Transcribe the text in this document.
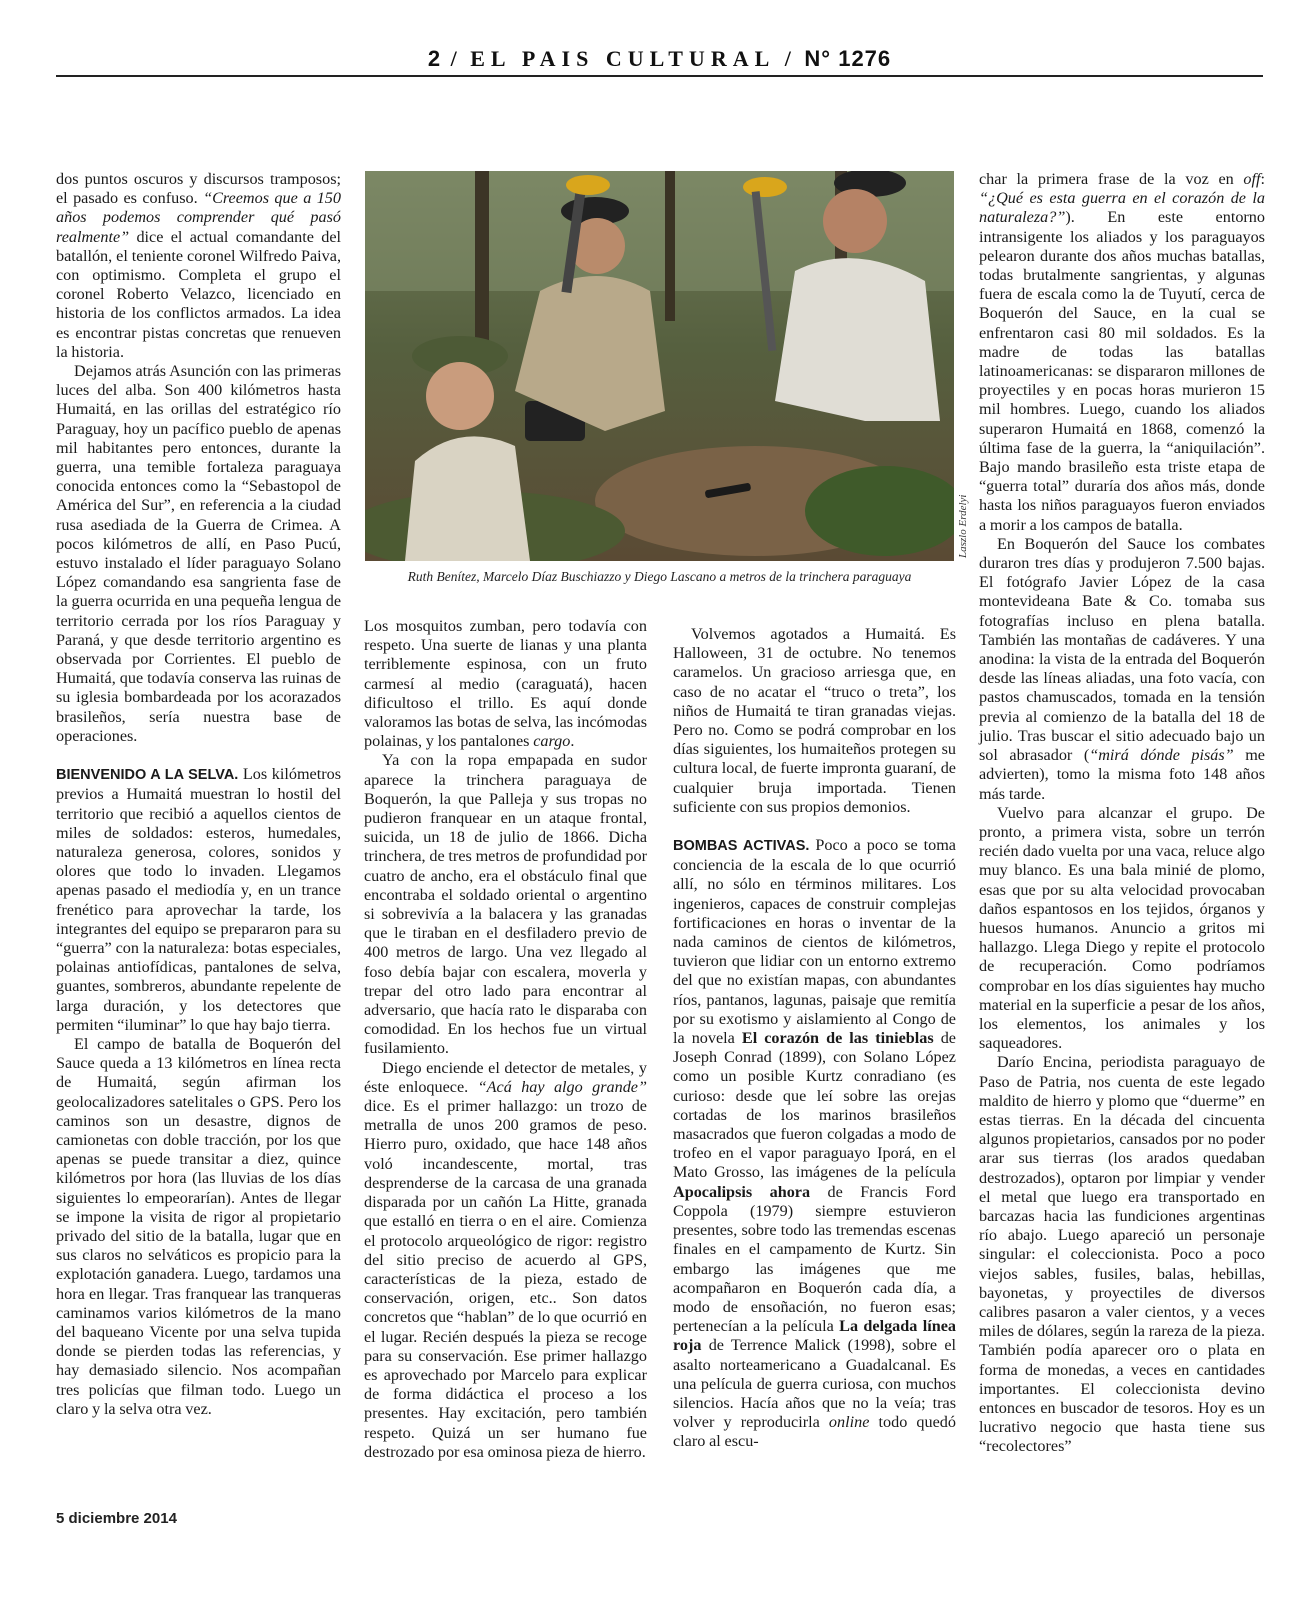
2 / EL PAIS CULTURAL / N° 1276

dos puntos oscuros y discursos tramposos; el pasado es confuso. “Creemos que a 150 años podemos comprender qué pasó realmente” dice el actual comandante del batallón, el teniente coronel Wilfredo Paiva, con optimismo. Completa el grupo el coronel Roberto Velazco, licenciado en historia de los conflictos armados. La idea es encontrar pistas concretas que renueven la historia.

Dejamos atrás Asunción con las primeras luces del alba. Son 400 kilómetros hasta Humaitá, en las orillas del estratégico río Paraguay, hoy un pacífico pueblo de apenas mil habitantes pero entonces, durante la guerra, una temible fortaleza paraguaya conocida entonces como la “Sebastopol de América del Sur”, en referencia a la ciudad rusa asediada de la Guerra de Crimea. A pocos kilómetros de allí, en Paso Pucú, estuvo instalado el líder paraguayo Solano López comandando esa sangrienta fase de la guerra ocurrida en una pequeña lengua de territorio cerrada por los ríos Paraguay y Paraná, y que desde territorio argentino es observada por Corrientes. El pueblo de Humaitá, que todavía conserva las ruinas de su iglesia bombardeada por los acorazados brasileños, sería nuestra base de operaciones.

BIENVENIDO A LA SELVA. Los kilómetros previos a Humaitá muestran lo hostil del territorio que recibió a aquellos cientos de miles de soldados: esteros, humedales, naturaleza generosa, colores, sonidos y olores que todo lo invaden. Llegamos apenas pasado el mediodía y, en un trance frenético para aprovechar la tarde, los integrantes del equipo se prepararon para su “guerra” con la naturaleza: botas especiales, polainas antiofídicas, pantalones de selva, guantes, sombreros, abundante repelente de larga duración, y los detectores que permiten “iluminar” lo que hay bajo tierra.

El campo de batalla de Boquerón del Sauce queda a 13 kilómetros en línea recta de Humaitá, según afirman los geolocalizadores satelitales o GPS. Pero los caminos son un desastre, dignos de camionetas con doble tracción, por los que apenas se puede transitar a diez, quince kilómetros por hora (las lluvias de los días siguientes lo empeorarían). Antes de llegar se impone la visita de rigor al propietario privado del sitio de la batalla, lugar que en sus claros no selváticos es propicio para la explotación ganadera. Luego, tardamos una hora en llegar. Tras franquear las tranqueras caminamos varios kilómetros de la mano del baqueano Vicente por una selva tupida donde se pierden todas las referencias, y hay demasiado silencio. Nos acompañan tres policías que filman todo. Luego un claro y la selva otra vez.

Laszlo Erdelyi
Ruth Benítez, Marcelo Díaz Buschiazzo y Diego Lascano a metros de la trinchera paraguaya

Los mosquitos zumban, pero todavía con respeto. Una suerte de lianas y una planta terriblemente espinosa, con un fruto carmesí al medio (caraguatá), hacen dificultoso el trillo. Es aquí donde valoramos las botas de selva, las incómodas polainas, y los pantalones cargo.

Ya con la ropa empapada en sudor aparece la trinchera paraguaya de Boquerón, la que Palleja y sus tropas no pudieron franquear en un ataque frontal, suicida, un 18 de julio de 1866. Dicha trinchera, de tres metros de profundidad por cuatro de ancho, era el obstáculo final que encontraba el soldado oriental o argentino si sobrevivía a la balacera y las granadas que le tiraban en el desfiladero previo de 400 metros de largo. Una vez llegado al foso debía bajar con escalera, moverla y trepar del otro lado para encontrar al adversario, que hacía rato le disparaba con comodidad. En los hechos fue un virtual fusilamiento.

Diego enciende el detector de metales, y éste enloquece. “Acá hay algo grande” dice. Es el primer hallazgo: un trozo de metralla de unos 200 gramos de peso. Hierro puro, oxidado, que hace 148 años voló incandescente, mortal, tras desprenderse de la carcasa de una granada disparada por un cañón La Hitte, granada que estalló en tierra o en el aire. Comienza el protocolo arqueológico de rigor: registro del sitio preciso de acuerdo al GPS, características de la pieza, estado de conservación, origen, etc.. Son datos concretos que “hablan” de lo que ocurrió en el lugar. Recién después la pieza se recoge para su conservación. Ese primer hallazgo es aprovechado por Marcelo para explicar de forma didáctica el proceso a los presentes. Hay excitación, pero también respeto. Quizá un ser humano fue destrozado por esa ominosa pieza de hierro.

Volvemos agotados a Humaitá. Es Halloween, 31 de octubre. No tenemos caramelos. Un gracioso arriesga que, en caso de no acatar el “truco o treta”, los niños de Humaitá te tiran granadas viejas. Pero no. Como se podrá comprobar en los días siguientes, los humaiteños protegen su cultura local, de fuerte impronta guaraní, de cualquier bruja importada. Tienen suficiente con sus propios demonios.

BOMBAS ACTIVAS. Poco a poco se toma conciencia de la escala de lo que ocurrió allí, no sólo en términos militares. Los ingenieros, capaces de construir complejas fortificaciones en horas o inventar de la nada caminos de cientos de kilómetros, tuvieron que lidiar con un entorno extremo del que no existían mapas, con abundantes ríos, pantanos, lagunas, paisaje que remitía por su exotismo y aislamiento al Congo de la novela El corazón de las tinieblas de Joseph Conrad (1899), con Solano López como un posible Kurtz conradiano (es curioso: desde que leí sobre las orejas cortadas de los marinos brasileños masacrados que fueron colgadas a modo de trofeo en el vapor paraguayo Iporá, en el Mato Grosso, las imágenes de la película Apocalipsis ahora de Francis Ford Coppola (1979) siempre estuvieron presentes, sobre todo las tremendas escenas finales en el campamento de Kurtz. Sin embargo las imágenes que me acompañaron en Boquerón cada día, a modo de ensoñación, no fueron esas; pertenecían a la película La delgada línea roja de Terrence Malick (1998), sobre el asalto norteamericano a Guadalcanal. Es una película de guerra curiosa, con muchos silencios. Hacía años que no la veía; tras volver y reproducirla online todo quedó claro al escu-

char la primera frase de la voz en off: “¿Qué es esta guerra en el corazón de la naturaleza?”). En este entorno intransigente los aliados y los paraguayos pelearon durante dos años muchas batallas, todas brutalmente sangrientas, y algunas fuera de escala como la de Tuyutí, cerca de Boquerón del Sauce, en la cual se enfrentaron casi 80 mil soldados. Es la madre de todas las batallas latinoamericanas: se dispararon millones de proyectiles y en pocas horas murieron 15 mil hombres. Luego, cuando los aliados superaron Humaitá en 1868, comenzó la última fase de la guerra, la “aniquilación”. Bajo mando brasileño esta triste etapa de “guerra total” duraría dos años más, donde hasta los niños paraguayos fueron enviados a morir a los campos de batalla.

En Boquerón del Sauce los combates duraron tres días y produjeron 7.500 bajas. El fotógrafo Javier López de la casa montevideana Bate & Co. tomaba sus fotografías incluso en plena batalla. También las montañas de cadáveres. Y una anodina: la vista de la entrada del Boquerón desde las líneas aliadas, una foto vacía, con pastos chamuscados, tomada en la tensión previa al comienzo de la batalla del 18 de julio. Tras buscar el sitio adecuado bajo un sol abrasador (“mirá dónde pisás” me advierten), tomo la misma foto 148 años más tarde.

Vuelvo para alcanzar el grupo. De pronto, a primera vista, sobre un terrón recién dado vuelta por una vaca, reluce algo muy blanco. Es una bala minié de plomo, esas que por su alta velocidad provocaban daños espantosos en los tejidos, órganos y huesos humanos. Anuncio a gritos mi hallazgo. Llega Diego y repite el protocolo de recuperación. Como podríamos comprobar en los días siguientes hay mucho material en la superficie a pesar de los años, los elementos, los animales y los saqueadores.

Darío Encina, periodista paraguayo de Paso de Patria, nos cuenta de este legado maldito de hierro y plomo que “duerme” en estas tierras. En la década del cincuenta algunos propietarios, cansados por no poder arar sus tierras (los arados quedaban destrozados), optaron por limpiar y vender el metal que luego era transportado en barcazas hacia las fundiciones argentinas río abajo. Luego apareció un personaje singular: el coleccionista. Poco a poco viejos sables, fusiles, balas, hebillas, bayonetas, y proyectiles de diversos calibres pasaron a valer cientos, y a veces miles de dólares, según la rareza de la pieza. También podía aparecer oro o plata en forma de monedas, a veces en cantidades importantes. El coleccionista devino entonces en buscador de tesoros. Hoy es un lucrativo negocio que hasta tiene sus “recolectores”

5 diciembre 2014
